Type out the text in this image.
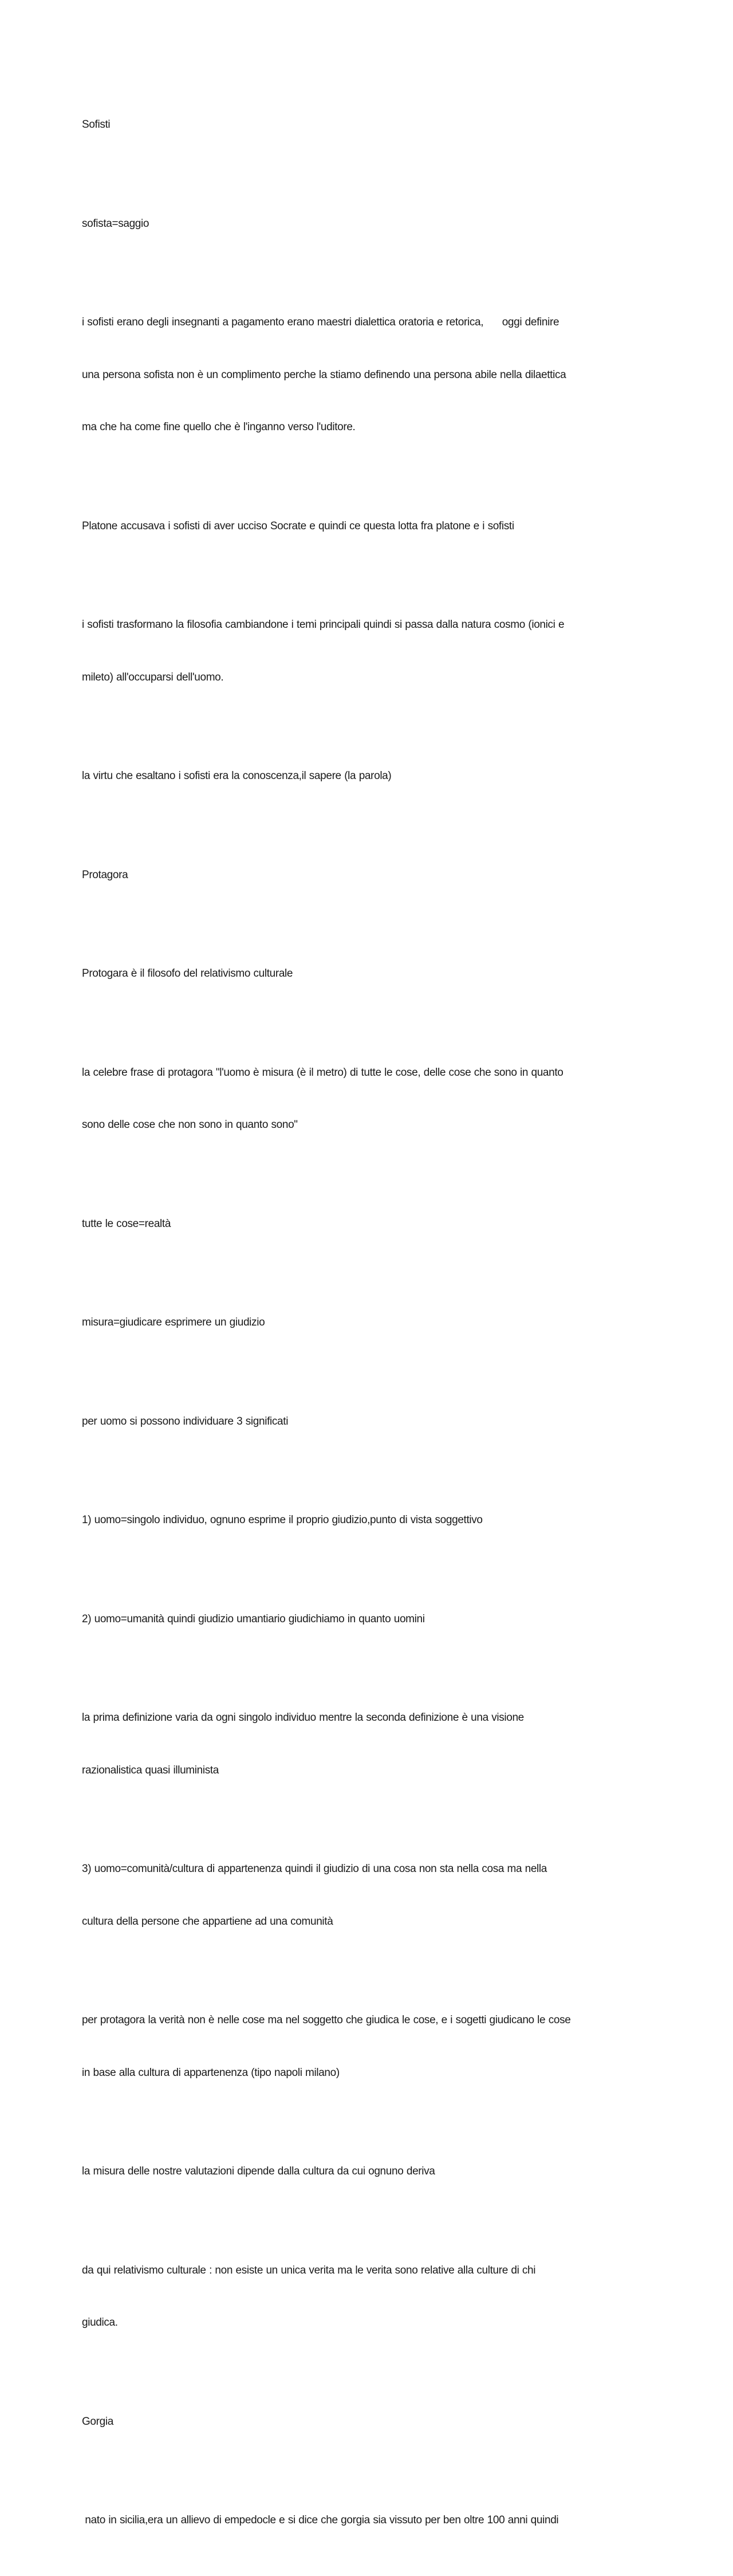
Sofisti

sofista=saggio

i sofisti erano degli insegnanti a pagamento erano maestri dialettica oratoria e retorica,      oggi definire

una persona sofista non è un complimento perche la stiamo definendo una persona abile nella dilaettica

ma che ha come fine quello che è l'inganno verso l'uditore.

Platone accusava i sofisti di aver ucciso Socrate e quindi ce questa lotta fra platone e i sofisti

i sofisti trasformano la filosofia cambiandone i temi principali quindi si passa dalla natura cosmo (ionici e

mileto) all'occuparsi dell'uomo.

la virtu che esaltano i sofisti era la conoscenza,il sapere (la parola)

Protagora

Protogara è il filosofo del relativismo culturale

la celebre frase di protagora "l'uomo è misura (è il metro) di tutte le cose, delle cose che sono in quanto

sono delle cose che non sono in quanto sono"

tutte le cose=realtà

misura=giudicare esprimere un giudizio

per uomo si possono individuare 3 significati

1) uomo=singolo individuo, ognuno esprime il proprio giudizio,punto di vista soggettivo

2) uomo=umanità quindi giudizio umantiario giudichiamo in quanto uomini

la prima definizione varia da ogni singolo individuo mentre la seconda definizione è una visione

razionalistica quasi illuminista

3) uomo=comunità/cultura di appartenenza quindi il giudizio di una cosa non sta nella cosa ma nella

cultura della persone che appartiene ad una comunità

per protagora la verità non è nelle cose ma nel soggetto che giudica le cose, e i sogetti giudicano le cose

in base alla cultura di appartenenza (tipo napoli milano)

la misura delle nostre valutazioni dipende dalla cultura da cui ognuno deriva

da qui relativismo culturale : non esiste un unica verita ma le verita sono relative alla culture di chi

giudica.

Gorgia

nato in sicilia,era un allievo di empedocle e si dice che gorgia sia vissuto per ben oltre 100 anni quindi
